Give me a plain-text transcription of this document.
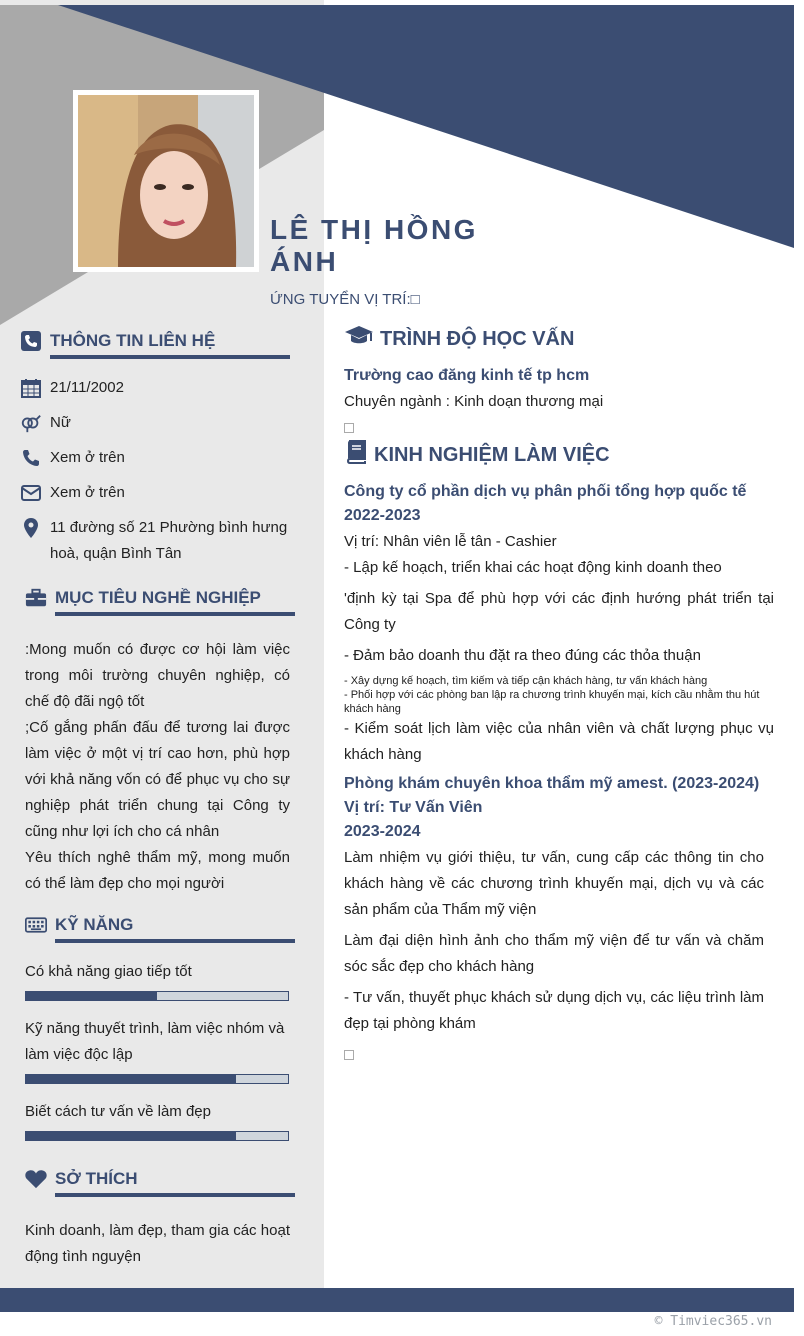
LÊ THỊ HỒNG
ÁNH
ỨNG TUYỂN VỊ TRÍ:□
THÔNG TIN LIÊN HỆ
21/11/2002
Nữ
Xem ở trên
Xem ở trên
11 đường số 21 Phường bình hưng hoà, quận Bình Tân
MỤC TIÊU NGHỀ NGHIỆP
:Mong muốn có được cơ hội làm việc trong môi trường chuyên nghiệp, có chế độ đãi ngộ tốt
;Cố gắng phấn đấu để tương lai được làm việc ở một vị trí cao hơn, phù hợp với khả năng vốn có để phục vụ cho sự nghiệp phát triển chung tại Công ty cũng như lợi ích cho cá nhân
Yêu thích nghê thẩm mỹ, mong muốn có thể làm đẹp cho mọi người
KỸ NĂNG
Có khả năng giao tiếp tốt
Kỹ năng thuyết trình, làm việc nhóm và làm việc độc lập
Biết cách tư vấn về làm đẹp
SỞ THÍCH
Kinh doanh, làm đẹp, tham gia các hoạt động tình nguyện
TRÌNH ĐỘ HỌC VẤN
Trường cao đăng kinh tế tp hcm
Chuyên ngành : Kinh doạn thương mại
KINH NGHIỆM LÀM VIỆC
Công ty cổ phần dịch vụ phân phối tổng hợp quốc tế
2022-2023
Vị trí: Nhân viên lễ tân - Cashier
- Lập kế hoạch, triển khai các hoạt động kinh doanh theo
'định kỳ tại Spa để phù hợp với các định hướng phát triển tại Công ty
- Đảm bảo doanh thu đặt ra theo đúng các thỏa thuận
- Xây dựng kế hoạch, tìm kiếm và tiếp cận khách hàng, tư vấn khách hàng
- Phối hợp với các phòng ban lập ra chương trình khuyến mại, kích cầu nhằm thu hút khách hàng
- Kiểm soát lịch làm việc của nhân viên và chất lượng phục vụ khách hàng
Phòng khám chuyên khoa thẩm mỹ amest. (2023-2024)
Vị trí: Tư Vấn Viên
2023-2024
Làm nhiệm vụ giới thiệu, tư vấn, cung cấp các thông tin cho khách hàng về các chương trình khuyến mại, dịch vụ và các sản phẩm của Thẩm mỹ viện
Làm đại diện hình ảnh cho thẩm mỹ viện để tư vấn và chăm sóc sắc đẹp cho khách hàng
- Tư vấn, thuyết phục khách sử dụng dịch vụ, các liệu trình làm đẹp tại phòng khám
© Timviec365.vn
